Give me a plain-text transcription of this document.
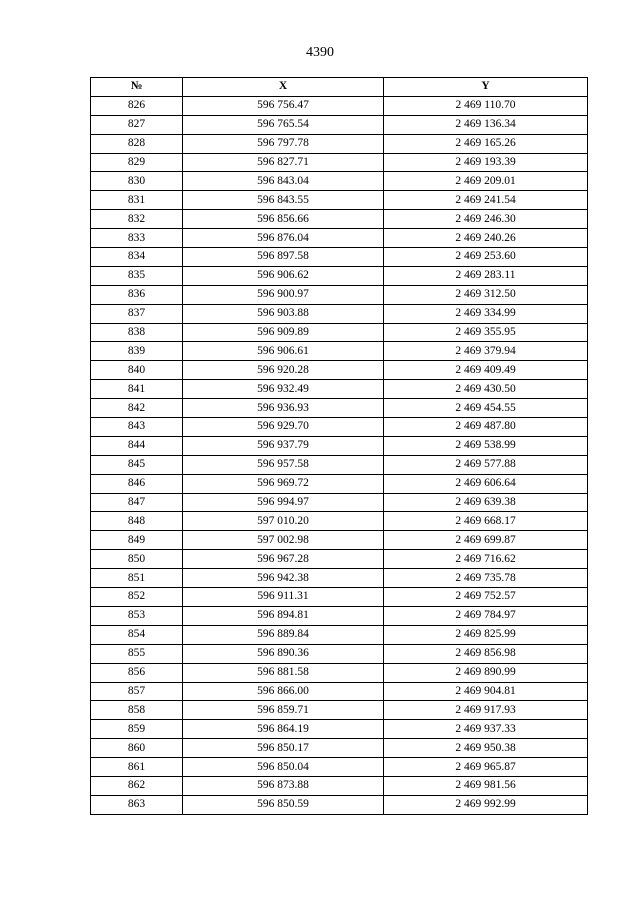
4390
№	X	Y
826	596 756.47	2 469 110.70
827	596 765.54	2 469 136.34
828	596 797.78	2 469 165.26
829	596 827.71	2 469 193.39
830	596 843.04	2 469 209.01
831	596 843.55	2 469 241.54
832	596 856.66	2 469 246.30
833	596 876.04	2 469 240.26
834	596 897.58	2 469 253.60
835	596 906.62	2 469 283.11
836	596 900.97	2 469 312.50
837	596 903.88	2 469 334.99
838	596 909.89	2 469 355.95
839	596 906.61	2 469 379.94
840	596 920.28	2 469 409.49
841	596 932.49	2 469 430.50
842	596 936.93	2 469 454.55
843	596 929.70	2 469 487.80
844	596 937.79	2 469 538.99
845	596 957.58	2 469 577.88
846	596 969.72	2 469 606.64
847	596 994.97	2 469 639.38
848	597 010.20	2 469 668.17
849	597 002.98	2 469 699.87
850	596 967.28	2 469 716.62
851	596 942.38	2 469 735.78
852	596 911.31	2 469 752.57
853	596 894.81	2 469 784.97
854	596 889.84	2 469 825.99
855	596 890.36	2 469 856.98
856	596 881.58	2 469 890.99
857	596 866.00	2 469 904.81
858	596 859.71	2 469 917.93
859	596 864.19	2 469 937.33
860	596 850.17	2 469 950.38
861	596 850.04	2 469 965.87
862	596 873.88	2 469 981.56
863	596 850.59	2 469 992.99
